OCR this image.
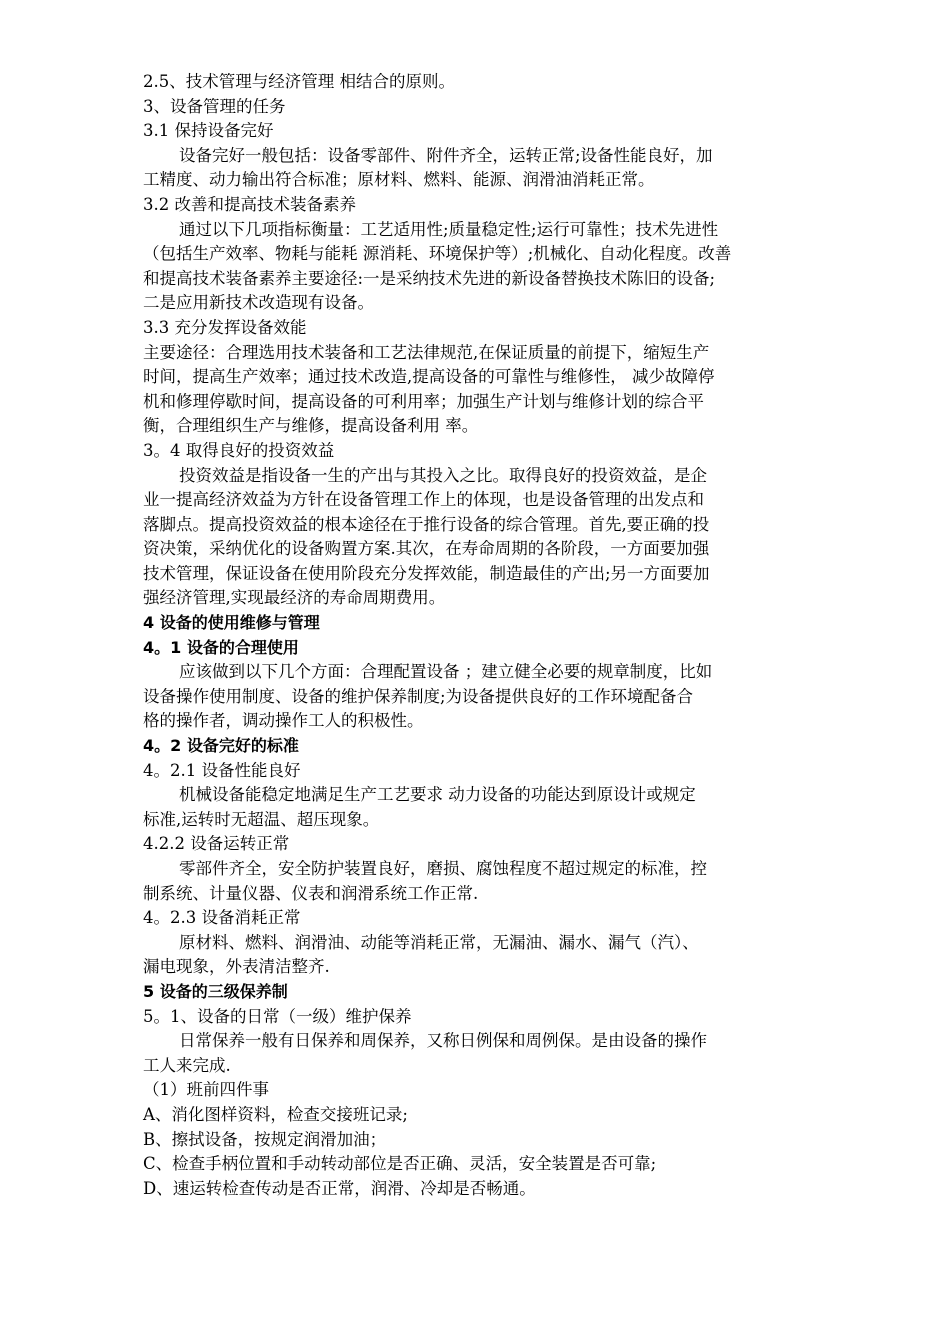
2.5、技术管理与经济管理 相结合的原则。
3、设备管理的任务
3.1 保持设备完好
设备完好一般包括：设备零部件、附件齐全，运转正常;设备性能良好，加
工精度、动力输出符合标准；原材料、燃料、能源、润滑油消耗正常。
3.2 改善和提高技术装备素养
通过以下几项指标衡量：工艺适用性;质量稳定性;运行可靠性；技术先进性
（包括生产效率、物耗与能耗 源消耗、环境保护等）;机械化、自动化程度。改善
和提高技术装备素养主要途径:一是采纳技术先进的新设备替换技术陈旧的设备;
二是应用新技术改造现有设备。
3.3 充分发挥设备效能
主要途径：合理选用技术装备和工艺法律规范,在保证质量的前提下，缩短生产
时间，提高生产效率；通过技术改造,提高设备的可靠性与维修性， 减少故障停
机和修理停歇时间，提高设备的可利用率；加强生产计划与维修计划的综合平
衡，合理组织生产与维修，提高设备利用 率。
3。4 取得良好的投资效益
投资效益是指设备一生的产出与其投入之比。取得良好的投资效益，是企
业一提高经济效益为方针在设备管理工作上的体现，也是设备管理的出发点和
落脚点。提高投资效益的根本途径在于推行设备的综合管理。首先,要正确的投
资决策，采纳优化的设备购置方案.其次，在寿命周期的各阶段，一方面要加强
技术管理，保证设备在使用阶段充分发挥效能，制造最佳的产出;另一方面要加
强经济管理,实现最经济的寿命周期费用。
4 设备的使用维修与管理
4。1 设备的合理使用
应该做到以下几个方面：合理配置设备 ；建立健全必要的规章制度，比如
设备操作使用制度、设备的维护保养制度;为设备提供良好的工作环境配备合
格的操作者，调动操作工人的积极性。
4。2 设备完好的标准
4。2.1 设备性能良好
机械设备能稳定地满足生产工艺要求 动力设备的功能达到原设计或规定
标准,运转时无超温、超压现象。
4.2.2 设备运转正常
零部件齐全，安全防护装置良好，磨损、腐蚀程度不超过规定的标准，控
制系统、计量仪器、仪表和润滑系统工作正常.
4。2.3 设备消耗正常
原材料、燃料、润滑油、动能等消耗正常，无漏油、漏水、漏气（汽）、
漏电现象，外表清洁整齐.
5 设备的三级保养制
5。1、设备的日常（一级）维护保养
日常保养一般有日保养和周保养，又称日例保和周例保。是由设备的操作
工人来完成.
（1）班前四件事
A、消化图样资料，检查交接班记录;
B、擦拭设备，按规定润滑加油；
C、检查手柄位置和手动转动部位是否正确、灵活，安全装置是否可靠;
D、速运转检查传动是否正常，润滑、冷却是否畅通。
